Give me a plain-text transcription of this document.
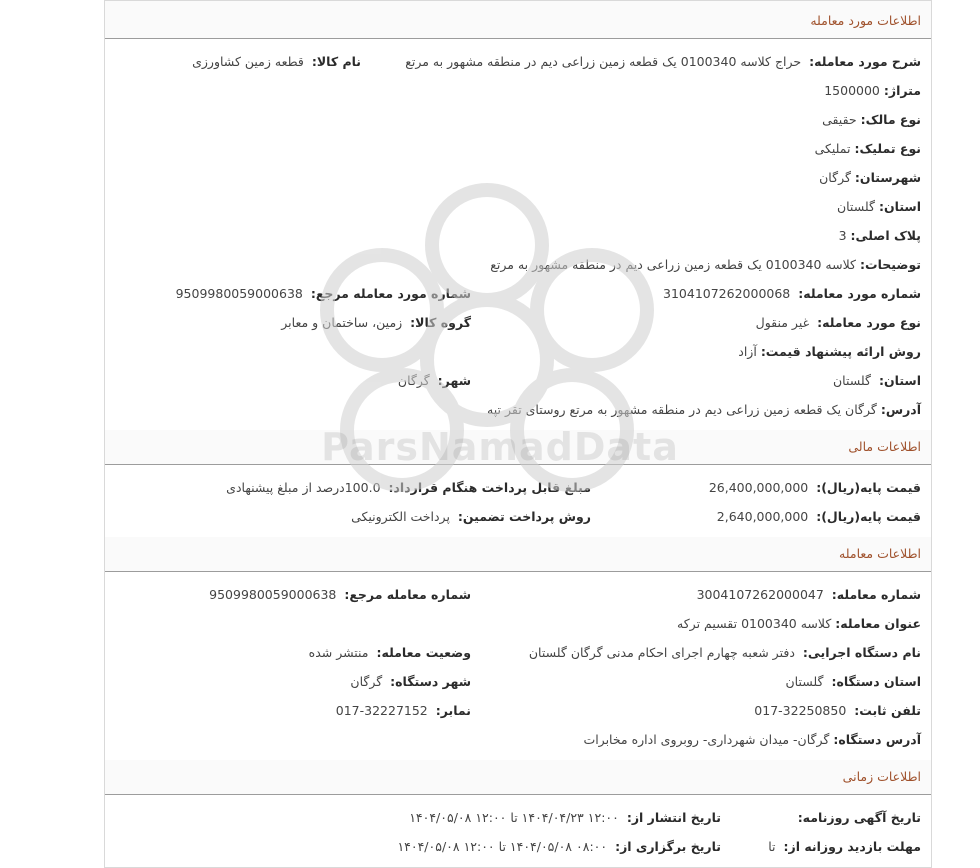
اطلاعات مورد معامله
شرح مورد معامله: حراج کلاسه 0100340 یک قطعه زمین زراعی دیم در منطقه مشهور به مرتع
نام کالا: قطعه زمین کشاورزی
متراژ:
1500000
نوع مالک:
حقیقی
نوع تملیک:
تملیکی
شهرستان:
گرگان
استان:
گلستان
پلاک اصلی:
3
توضیحات:
کلاسه 0100340 یک قطعه زمین زراعی دیم در منطقه مشهور به مرتع
شماره مورد معامله: 3104107262000068
شماره مورد معامله مرجع: 9509980059000638
نوع مورد معامله: غیر منقول
گروه کالا: زمین، ساختمان و معابر
روش ارائه پیشنهاد قیمت:
آزاد
استان: گلستان
شهر: گرگان
آدرس:
گرگان یک قطعه زمین زراعی دیم در منطقه مشهور به مرتع روستای تقر تپه
اطلاعات مالی
قیمت پایه(ریال): 26,400,000,000
مبلغ قابل پرداخت هنگام قرارداد: 100.0درصد از مبلغ پیشنهادی
قیمت پایه(ریال): 2,640,000,000
روش پرداخت تضمین: پرداخت الکترونیکی
اطلاعات معامله
شماره معامله: 3004107262000047
شماره معامله مرجع: 9509980059000638
عنوان معامله:
کلاسه 0100340 تقسیم ترکه
نام دستگاه اجرایی: دفتر شعبه چهارم اجرای احکام مدنی گرگان گلستان
وضعیت معامله: منتشر شده
استان دستگاه: گلستان
شهر دستگاه: گرگان
تلفن ثابت: 32250850-017
نمابر: 32227152-017
آدرس دستگاه:
گرگان- میدان شهرداری- روبروی اداره مخابرات
اطلاعات زمانی
تاریخ آگهی روزنامه:
تاریخ انتشار از: ۱۲:۰۰ ۱۴۰۴/۰۴/۲۳ تا ۱۲:۰۰ ۱۴۰۴/۰۵/۰۸
مهلت بازدید روزانه از: تا
تاریخ برگزاری از: ۰۸:۰۰ ۱۴۰۴/۰۵/۰۸ تا ۱۲:۰۰ ۱۴۰۴/۰۵/۰۸
